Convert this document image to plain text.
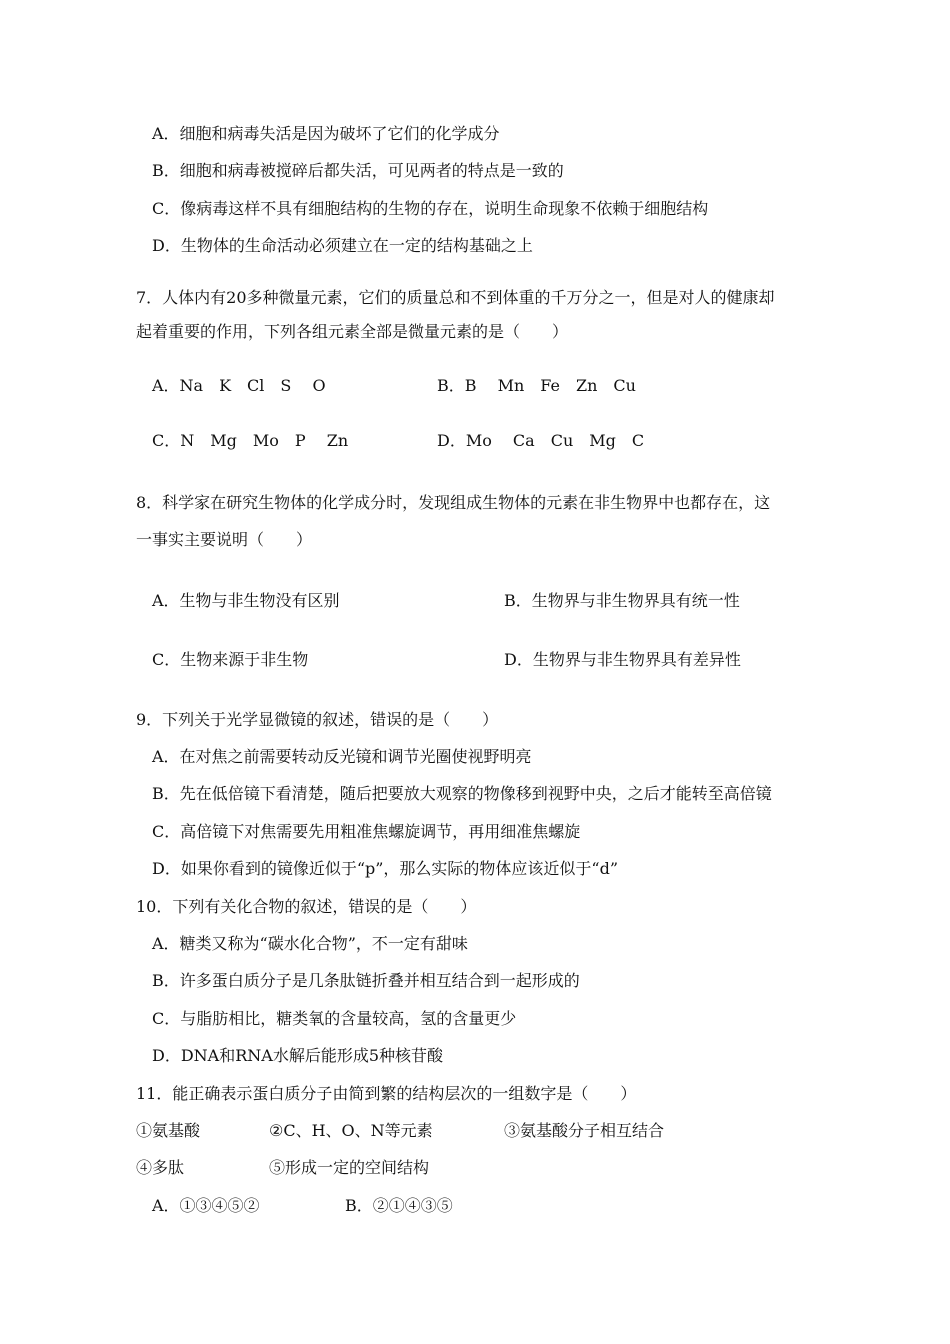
A．细胞和病毒失活是因为破坏了它们的化学成分
B．细胞和病毒被搅碎后都失活，可见两者的特点是一致的
C．像病毒这样不具有细胞结构的生物的存在，说明生命现象不依赖于细胞结构
D．生物体的生命活动必须建立在一定的结构基础之上
7．人体内有20多种微量元素，它们的质量总和不到体重的千万分之一，但是对人的健康却
起着重要的作用，下列各组元素全部是微量元素的是（　　）
A．Na　K　Cl　S　 O	B．B　 Mn　Fe　Zn　Cu
C．N　Mg　Mo　P　 Zn	D．Mo　 Ca　Cu　Mg　C
8．科学家在研究生物体的化学成分时，发现组成生物体的元素在非生物界中也都存在，这
一事实主要说明（　　）
A．生物与非生物没有区别	B．生物界与非生物界具有统一性
C．生物来源于非生物	D．生物界与非生物界具有差异性
9．下列关于光学显微镜的叙述，错误的是（　　）
A．在对焦之前需要转动反光镜和调节光圈使视野明亮
B．先在低倍镜下看清楚，随后把要放大观察的物像移到视野中央，之后才能转至高倍镜
C．高倍镜下对焦需要先用粗准焦螺旋调节，再用细准焦螺旋
D．如果你看到的镜像近似于“p”，那么实际的物体应该近似于“d”
10．下列有关化合物的叙述，错误的是（　　）
A．糖类又称为“碳水化合物”，不一定有甜味
B．许多蛋白质分子是几条肽链折叠并相互结合到一起形成的
C．与脂肪相比，糖类氧的含量较高，氢的含量更少
D．DNA和RNA水解后能形成5种核苷酸
11．能正确表示蛋白质分子由简到繁的结构层次的一组数字是（　　）
①氨基酸	②C、H、O、N等元素	③氨基酸分子相互结合
④多肽	⑤形成一定的空间结构
A．①③④⑤②	B．②①④③⑤
